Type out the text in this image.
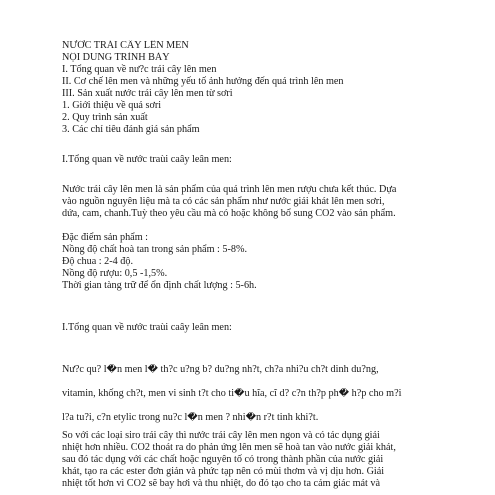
NƯỚC TRÁI CÂY LÊN MEN
NỘI DUNG TRÌNH BÀY
I. Tổng quan về nư?c trái cây lên men
II. Cơ chế lên men và những yếu tố ảnh hưởng đến quá trình lên men
III. Sản xuất nước trái cây lên men từ sơri
1. Giới thiệu về quả sơri
2. Quy trình sản xuất
3. Các chỉ tiêu đánh giá sản phẩm
I.Tổng quan về nước traùi caây leân men:
Nước trái cây lên men là sản phẩm của quá trình lên men rượu chưa kết thúc. Dựa
vào nguồn nguyên liệu mà ta có các sản phẩm như nước giải khát lên men sơri,
dứa, cam, chanh.Tuỳ theo yêu cầu mà có hoặc không bổ sung CO2 vào sản phẩm.
Đặc điểm sản phẩm :
Nồng độ chất hoà tan trong sản phẩm : 5-8%.
Độ chua : 2-4 độ.
Nồng độ rượu: 0,5 -1,5%.
Thời gian tàng trữ để ổn định chất lượng : 5-6h.
I.Tổng quan về nước traùi caây leân men:
Nư?c qu? l�n men l� th?c u?ng b? du?ng nh?t, ch?a nhi?u ch?t dinh du?ng,
vitamin, khống ch?t, men vi sinh t?t cho ti�u hĩa, cĩ d? c?n th?p ph� h?p cho m?i
l?a tu?i, c?n etylic trong nu?c l�n men ? nhi�n r?t tinh khi?t.
So với các loại siro trái cây thì nước trái cây lên men ngon và có tác dụng giải
nhiệt hơn nhiều. CO2 thoát ra do phản ứng lên men sẽ hoà tan vào nước giải khát,
sau đó tác dụng với các chất hoặc nguyên tố có trong thành phần của nước giải
khát, tạo ra các ester đơn giản và phức tạp nên có mùi thơm và vị dịu hơn. Giải
nhiệt tốt hơn vì CO2 sẽ bay hơi và thu nhiệt, do đó tạo cho ta cảm giác mát và
